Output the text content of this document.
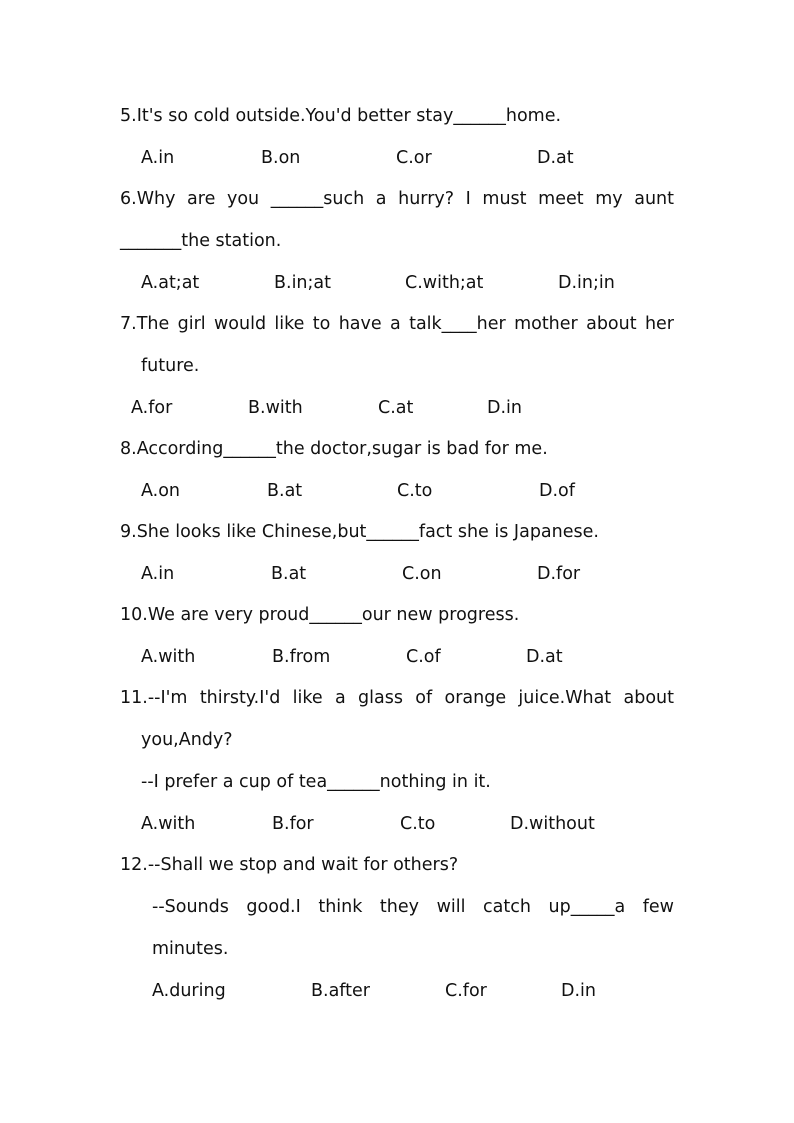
5.It's so cold outside.You'd better stay______home.
A.in	B.on	C.or	D.at
6.Why are you ______such a hurry? I must meet my aunt
_______the station.
A.at;at	B.in;at	C.with;at	D.in;in
7.The girl would like to have a talk____her mother about her
future.
A.for	B.with	C.at	D.in
8.According______the doctor,sugar is bad for me.
A.on	B.at	C.to	D.of
9.She looks like Chinese,but______fact she is Japanese.
A.in	B.at	C.on	D.for
10.We are very proud______our new progress.
A.with	B.from	C.of	D.at
11.--I'm thirsty.I'd like a glass of orange juice.What about
you,Andy?
--I prefer a cup of tea______nothing in it.
A.with	B.for	C.to	D.without
12.--Shall we stop and wait for others?
--Sounds good.I think they will catch up_____a few
minutes.
A.during	B.after	C.for	D.in
